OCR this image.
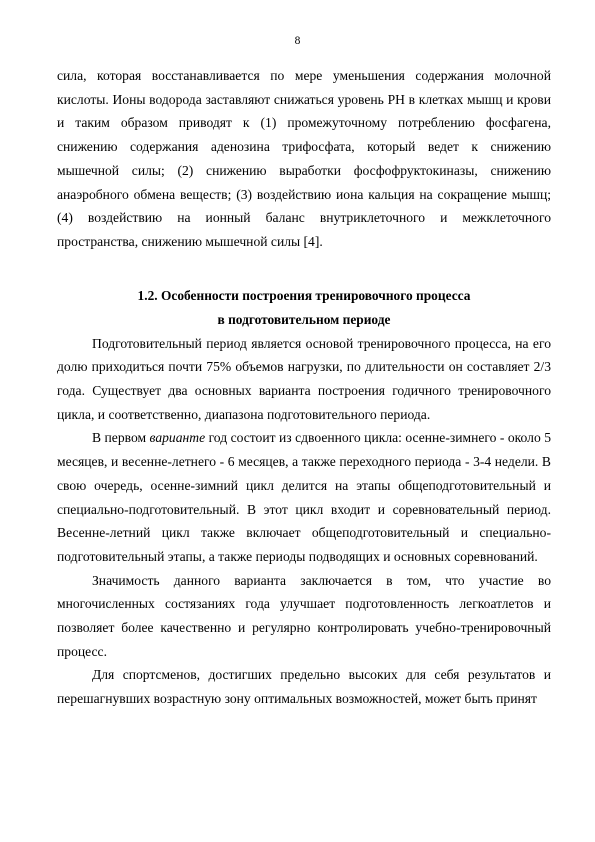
8

сила, которая восстанавливается по мере уменьшения содержания молочной кислоты. Ионы водорода заставляют снижаться уровень РН в клетках мышц и крови и таким образом приводят к (1) промежуточному потреблению фосфагена, снижению содержания аденозина трифосфата, который ведет к снижению мышечной силы; (2) снижению выработки фосфофруктокиназы, снижению анаэробного обмена веществ; (3) воздействию иона кальция на сокращение мышц; (4) воздействию на ионный баланс внутриклеточного и межклеточного пространства, снижению мышечной силы [4].

1.2. Особенности построения тренировочного процесса
в подготовительном периоде

Подготовительный период является основой тренировочного процесса, на его долю приходиться почти 75% объемов нагрузки, по длительности он составляет 2/3 года. Существует два основных варианта построения годичного тренировочного цикла, и соответственно, диапазона подготовительного периода.

В первом варианте год состоит из сдвоенного цикла: осенне-зимнего - около 5 месяцев, и весенне-летнего - 6 месяцев, а также переходного периода - 3-4 недели. В свою очередь, осенне-зимний цикл делится на этапы общеподготовительный и специально-подготовительный. В этот цикл входит и соревновательный период. Весенне-летний цикл также включает общеподготовительный и специально-подготовительный этапы, а также периоды подводящих и основных соревнований.

Значимость данного варианта заключается в том, что участие во многочисленных состязаниях года улучшает подготовленность легкоатлетов и позволяет более качественно и регулярно контролировать учебно-тренировочный процесс.

Для спортсменов, достигших предельно высоких для себя результатов и перешагнувших возрастную зону оптимальных возможностей, может быть принят
